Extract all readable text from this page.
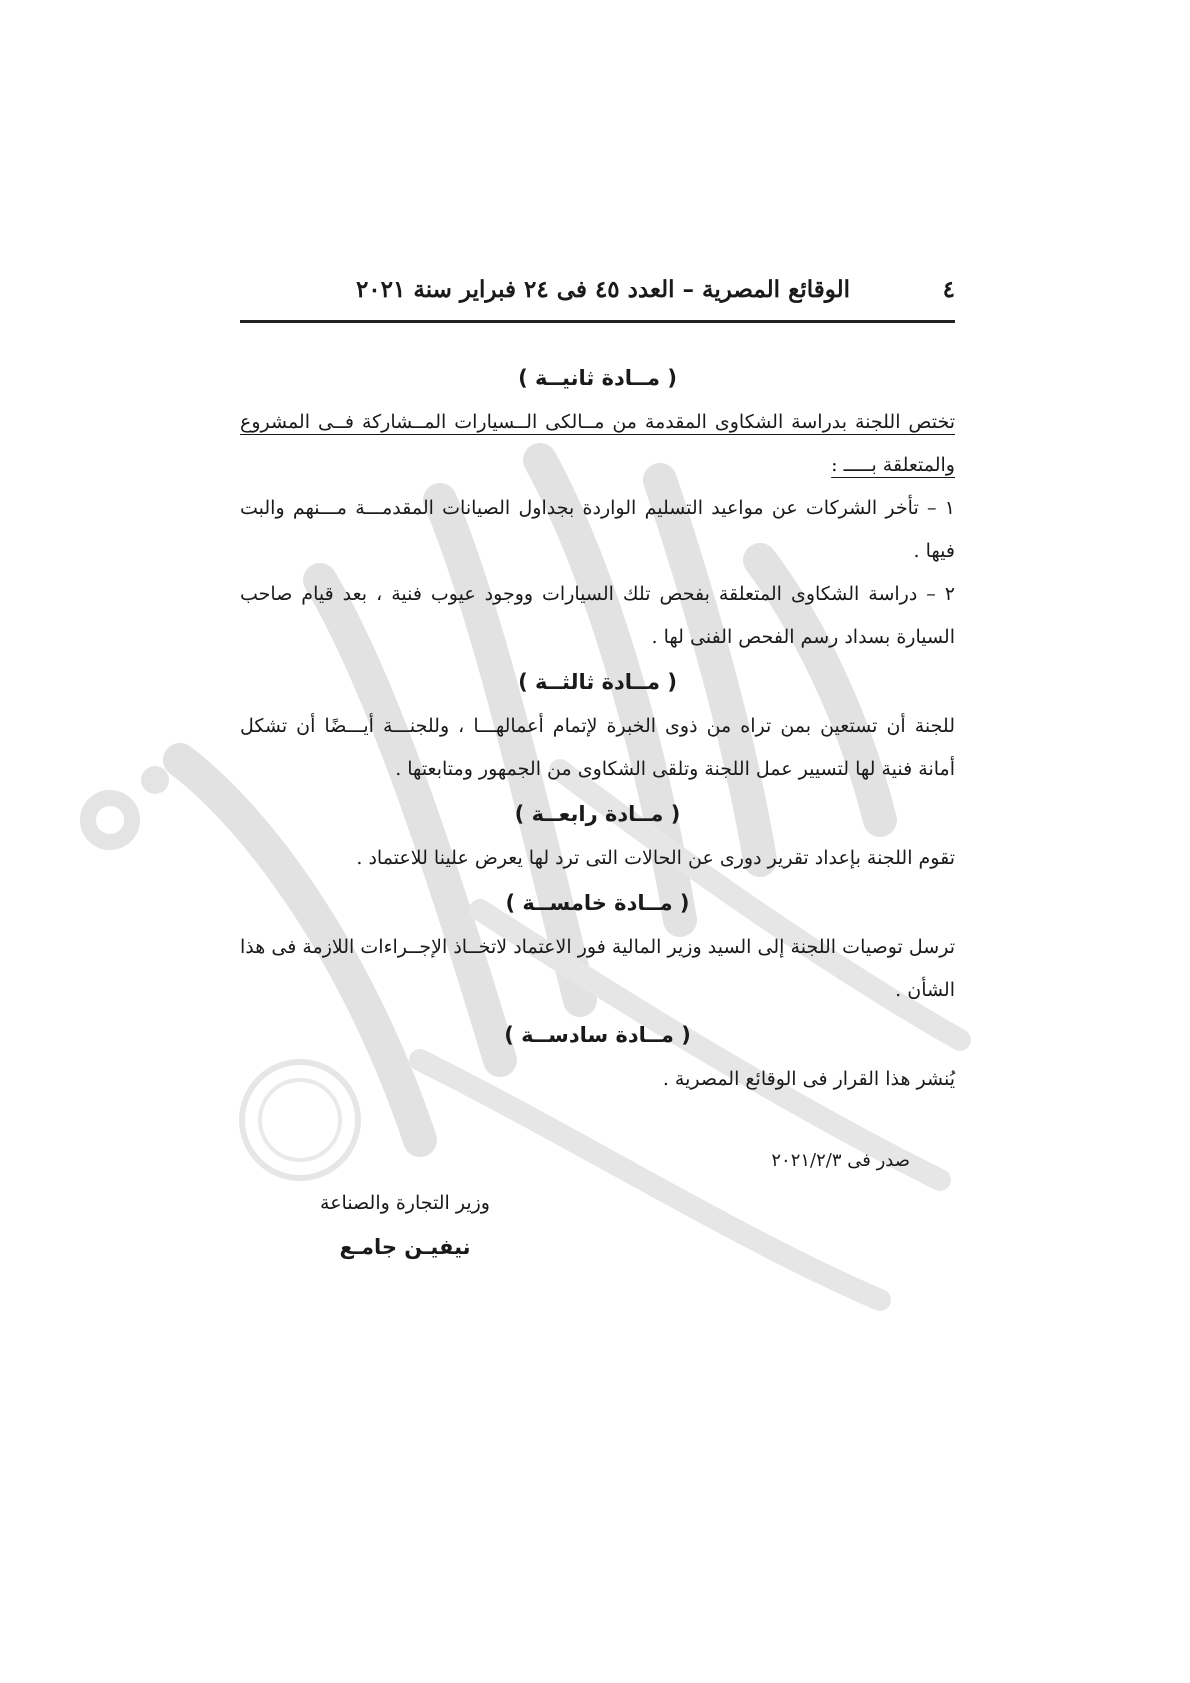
٤
الوقائع المصرية – العدد ٤٥ فى ٢٤ فبراير سنة ٢٠٢١

( مــادة ثانيــة )

تختص اللجنة بدراسة الشكاوى المقدمة من مــالكى الــسيارات المــشاركة فــى المشروع والمتعلقة بـــــ :

١ – تأخر الشركات عن مواعيد التسليم الواردة بجداول الصيانات المقدمـــة مـــنهم والبت فيها .

٢ – دراسة الشكاوى المتعلقة بفحص تلك السيارات ووجود عيوب فنية ، بعد قيام صاحب السيارة بسداد رسم الفحص الفنى لها .

( مــادة ثالثــة )

للجنة أن تستعين بمن تراه من ذوى الخبرة لإتمام أعمالهـــا ، وللجنـــة أيـــضًا أن تشكل أمانة فنية لها لتسيير عمل اللجنة وتلقى الشكاوى من الجمهور ومتابعتها .

( مــادة رابعــة )

تقوم اللجنة بإعداد تقرير دورى عن الحالات التى ترد لها يعرض علينا للاعتماد .

( مــادة خامســة )

ترسل توصيات اللجنة إلى السيد وزير المالية فور الاعتماد لاتخــاذ الإجــراءات اللازمة فى هذا الشأن .

( مــادة سادســة )

يُنشر هذا القرار فى الوقائع المصرية .

صدر فى ٢٠٢١/٢/٣
وزير التجارة والصناعة
نيفيـن جامـع
